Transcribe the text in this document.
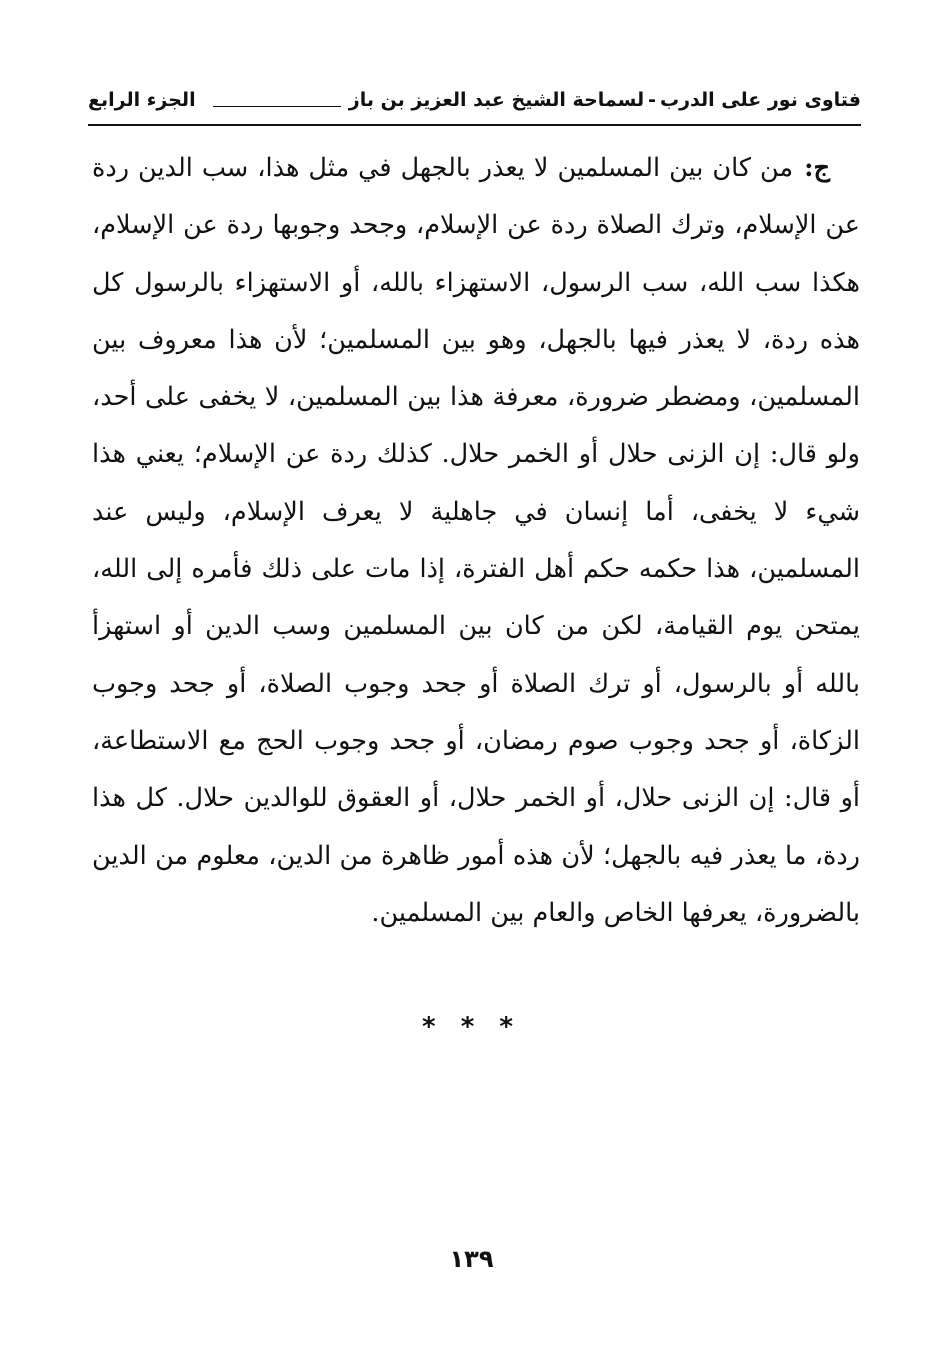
فتاوى نور على الدرب
-
لسماحة الشيخ عبد العزيز بن باز
الجزء الرابع
ج: من كان بين المسلمين لا يعذر بالجهل في مثل هذا، سب الدين ردة عن الإسلام، وترك الصلاة ردة عن الإسلام، وجحد وجوبها ردة عن الإسلام، هكذا سب الله، سب الرسول، الاستهزاء بالله، أو الاستهزاء بالرسول كل هذه ردة، لا يعذر فيها بالجهل، وهو بين المسلمين؛ لأن هذا معروف بين المسلمين، ومضطر ضرورة، معرفة هذا بين المسلمين، لا يخفى على أحد، ولو قال: إن الزنى حلال أو الخمر حلال. كذلك ردة عن الإسلام؛ يعني هذا شيء لا يخفى، أما إنسان في جاهلية لا يعرف الإسلام، وليس عند المسلمين، هذا حكمه حكم أهل الفترة، إذا مات على ذلك فأمره إلى الله، يمتحن يوم القيامة، لكن من كان بين المسلمين وسب الدين أو استهزأ بالله أو بالرسول، أو ترك الصلاة أو جحد وجوب الصلاة، أو جحد وجوب الزكاة، أو جحد وجوب صوم رمضان، أو جحد وجوب الحج مع الاستطاعة، أو قال: إن الزنى حلال، أو الخمر حلال، أو العقوق للوالدين حلال. كل هذا ردة، ما يعذر فيه بالجهل؛ لأن هذه أمور ظاهرة من الدين، معلوم من الدين بالضرورة، يعرفها الخاص والعام بين المسلمين.
* * *
١٣٩
